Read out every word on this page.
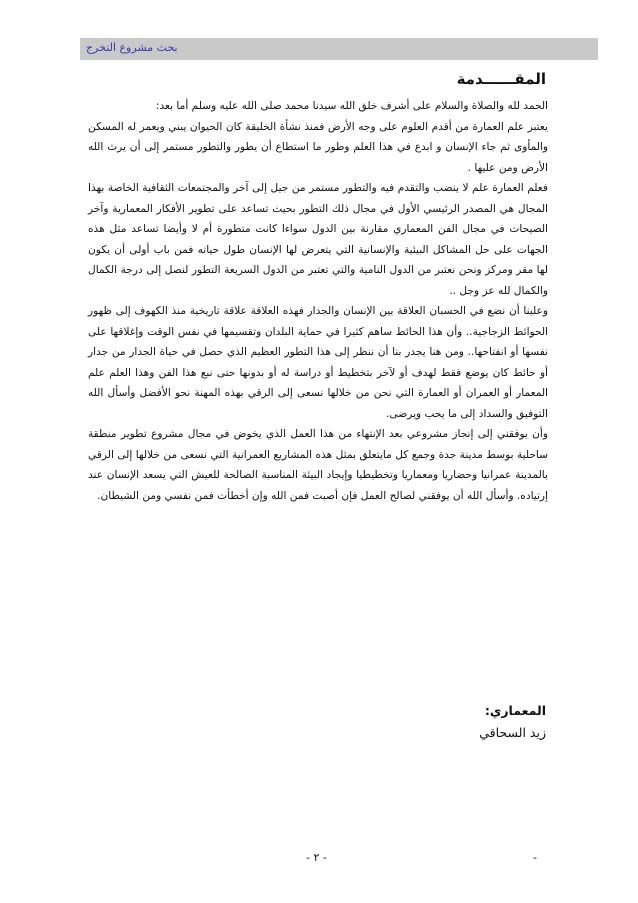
بحث مشروع التخرج
المقــــــدمة

الحمد لله والصلاة والسلام على أشرف خلق الله سيدنا محمد صلى الله عليه وسلم أما بعد:

يعتبر علم العمارة من أقدم العلوم على وجه الأرض فمنذ نشأة الخليقة كان الحيوان يبني ويعمر له المسكن والمأوى ثم جاء الإنسان و ابدع في هذا العلم وطور ما استطاع أن يطور والتطور مستمر إلى أن يرث الله الأرض ومن عليها .

فعلم العمارة علم لا ينضب والتقدم فيه والتطور مستمر من جيل إلى آخر والمجتمعات الثقافية الخاصة بهذا المجال هي المصدر الرئيسي الأول في مجال ذلك التطور بحيث تساعد على تطوير الأفكار المعمارية وآخر الصيحات في مجال الفن المعماري مقارنة بين الدول سواءا كانت متطورة أم لا وأيضا تساعد مثل هذه الجهات على حل المشاكل البيئية والإنسانية التي يتعرض لها الإنسان طول حياته فمن باب أولى أن يكون لها مقر ومركز ونحن نعتبر من الدول النامية والتي تعتبر من الدول السريعة التطور لنصل إلى درجة الكمال والكمال لله عز وجل ..

وعلينا أن نضع في الحسبان العلاقة بين الإنسان والجدار فهذه العلاقة علاقة تاريخية منذ الكهوف إلى ظهور الحوائط الزجاجية.. وأن هذا الحائط ساهم كثيرا في حماية البلدان وتقسيمها في نفس الوقت وإغلاقها على نفسها أو انفتاحها.. ومن هنا يجدر بنا أن ننظر إلى هذا التطور العظيم الذي حصل في حياة الجدار من جدار أو حائط كان يوضع فقط لهدف أو لآخر بتخطيط أو دراسة له أو بدونها حتى نبع هذا الفن وهذا العلم علم المعمار أو العمران أو العمارة التي نحن من خلالها نسعى إلى الرقي بهذه المهنة نحو الأفضل وأسأل الله التوفيق والسداد إلى ما يحب ويرضى.

وأن يوفقني إلى إنجاز مشروعي بعد الإنتهاء من هذا العمل الذي يخوض في مجال مشروع تطوير منطقة ساحلية بوسط مدينة جدة وجمع كل مايتعلق بمثل هذه المشاريع العمرانية التي نسعى من خلالها إلى الرقي بالمدينة عمرانيا وحضاريا ومعماريا وتخطيطيا وإيجاد البيئة المناسبة الصالحة للعيش التي يسعد الإنسان عند إرتياده. وأسأل الله أن يوفقني لصالح العمل فإن أصبت فمن الله وإن أخطأت فمن نفسي ومن الشيطان.

المعماري:
زيد السحاقي
- ٢ -	-
